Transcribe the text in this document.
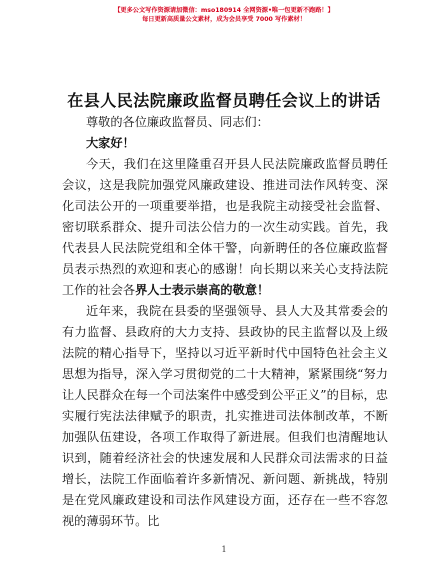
【更多公文写作资源请加微信：mso180914 全网资源•唯一包更新不跑路！】
每日更新高质量公文素材，成为会员享受 7000 写作素材！
在县人民法院廉政监督员聘任会议上的讲话

尊敬的各位廉政监督员、同志们：

大家好！

今天，我们在这里隆重召开县人民法院廉政监督员聘任会议，这是我院加强党风廉政建设、推进司法作风转变、深化司法公开的一项重要举措，也是我院主动接受社会监督、密切联系群众、提升司法公信力的一次生动实践。首先，我代表县人民法院党组和全体干警，向新聘任的各位廉政监督员表示热烈的欢迎和衷心的感谢！向长期以来关心支持法院工作的社会各界人士表示崇高的敬意！

近年来，我院在县委的坚强领导、县人大及其常委会的有力监督、县政府的大力支持、县政协的民主监督以及上级法院的精心指导下，坚持以习近平新时代中国特色社会主义思想为指导，深入学习贯彻党的二十大精神，紧紧围绕“努力让人民群众在每一个司法案件中感受到公平正义”的目标，忠实履行宪法法律赋予的职责，扎实推进司法体制改革，不断加强队伍建设，各项工作取得了新进展。但我们也清醒地认识到，随着经济社会的快速发展和人民群众司法需求的日益增长，法院工作面临着许多新情况、新问题、新挑战，特别是在党风廉政建设和司法作风建设方面，还存在一些不容忽视的薄弱环节。比

1
